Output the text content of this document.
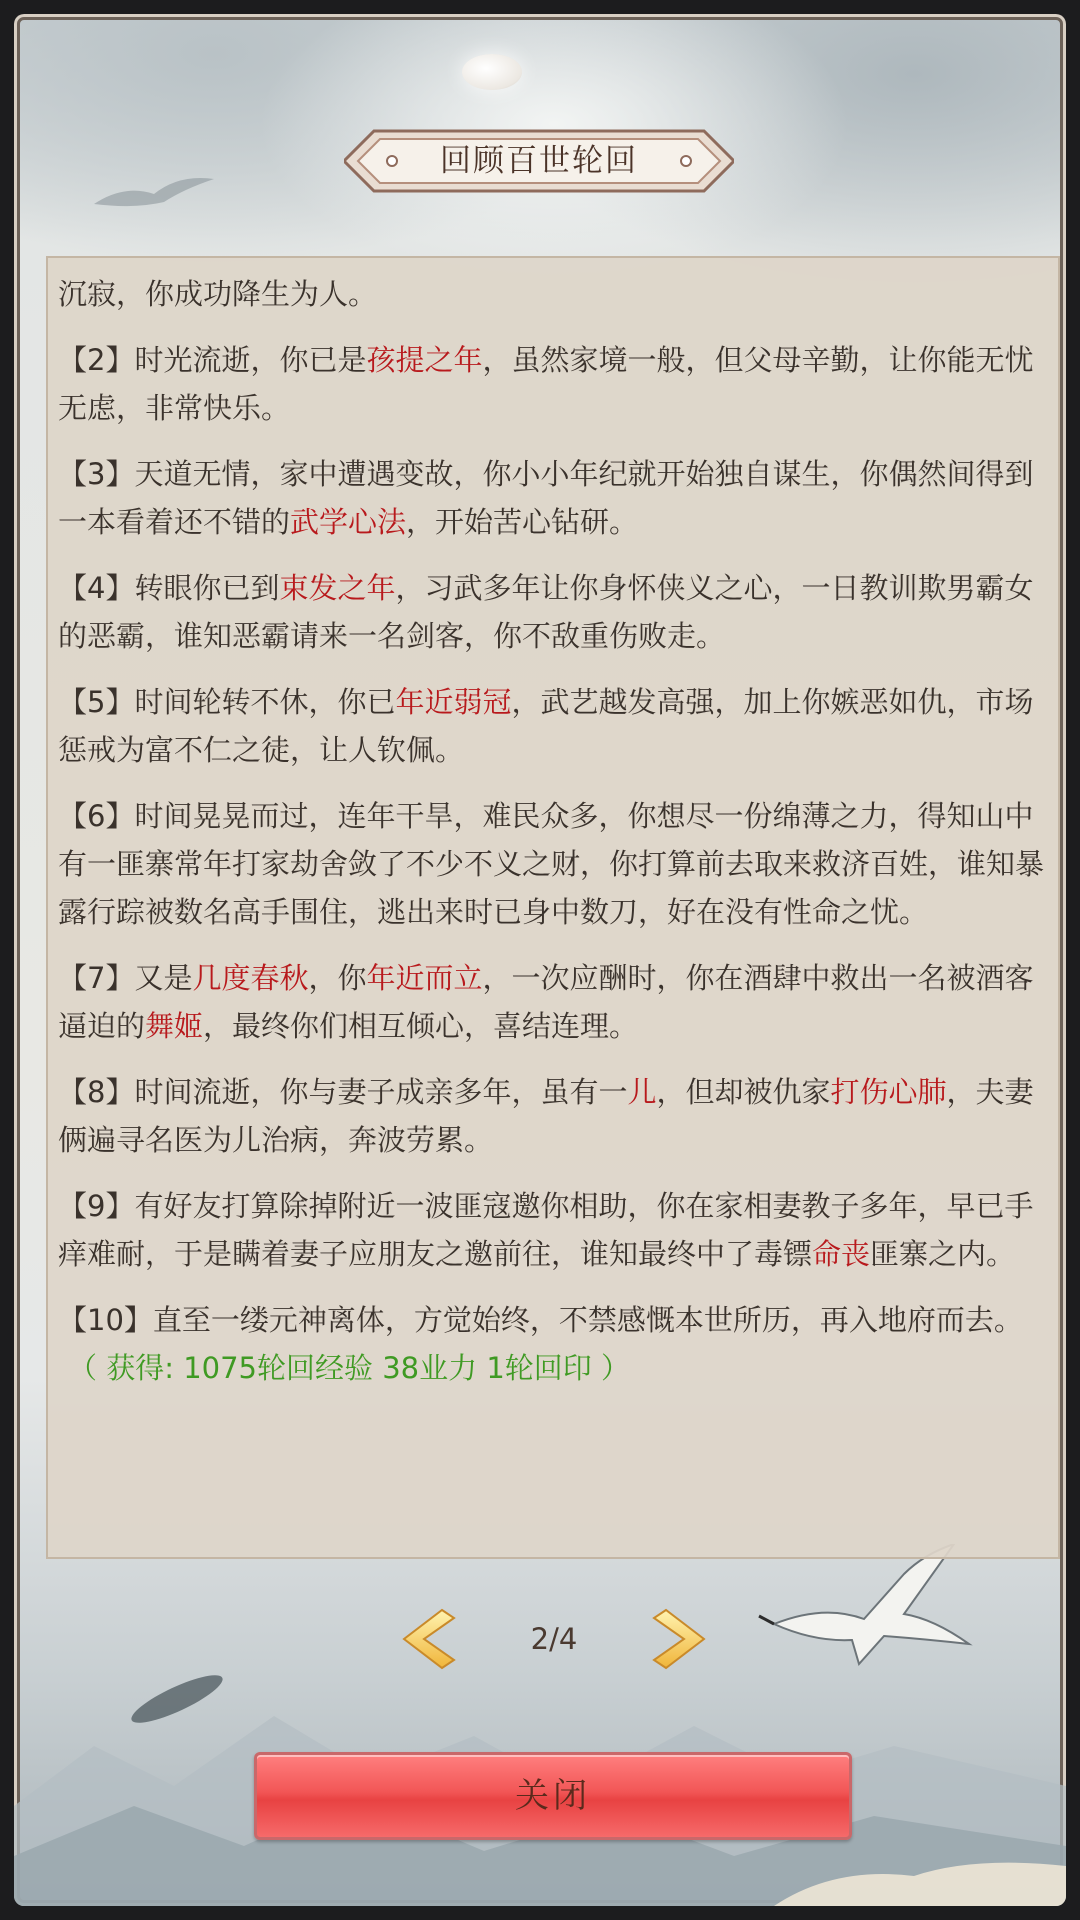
回顾百世轮回
沉寂，你成功降生为人。
【2】时光流逝，你已是孩提之年，虽然家境一般，但父母辛勤，让你能无忧无虑，非常快乐。
【3】天道无情，家中遭遇变故，你小小年纪就开始独自谋生，你偶然间得到一本看着还不错的武学心法，开始苦心钻研。
【4】转眼你已到束发之年，习武多年让你身怀侠义之心，一日教训欺男霸女的恶霸，谁知恶霸请来一名剑客，你不敌重伤败走。
【5】时间轮转不休，你已年近弱冠，武艺越发高强，加上你嫉恶如仇，市场惩戒为富不仁之徒，让人钦佩。
【6】时间晃晃而过，连年干旱，难民众多，你想尽一份绵薄之力，得知山中有一匪寨常年打家劫舍敛了不少不义之财，你打算前去取来救济百姓，谁知暴露行踪被数名高手围住，逃出来时已身中数刀，好在没有性命之忧。
【7】又是几度春秋，你年近而立，一次应酬时，你在酒肆中救出一名被酒客逼迫的舞姬，最终你们相互倾心，喜结连理。
【8】时间流逝，你与妻子成亲多年，虽有一儿，但却被仇家打伤心肺，夫妻俩遍寻名医为儿治病，奔波劳累。
【9】有好友打算除掉附近一波匪寇邀你相助，你在家相妻教子多年，早已手痒难耐，于是瞒着妻子应朋友之邀前往，谁知最终中了毒镖命丧匪寨之内。
【10】直至一缕元神离体，方觉始终，不禁感慨本世所历，再入地府而去。
（ 获得: 1075轮回经验 38业力 1轮回印 ）
2/4
关闭
